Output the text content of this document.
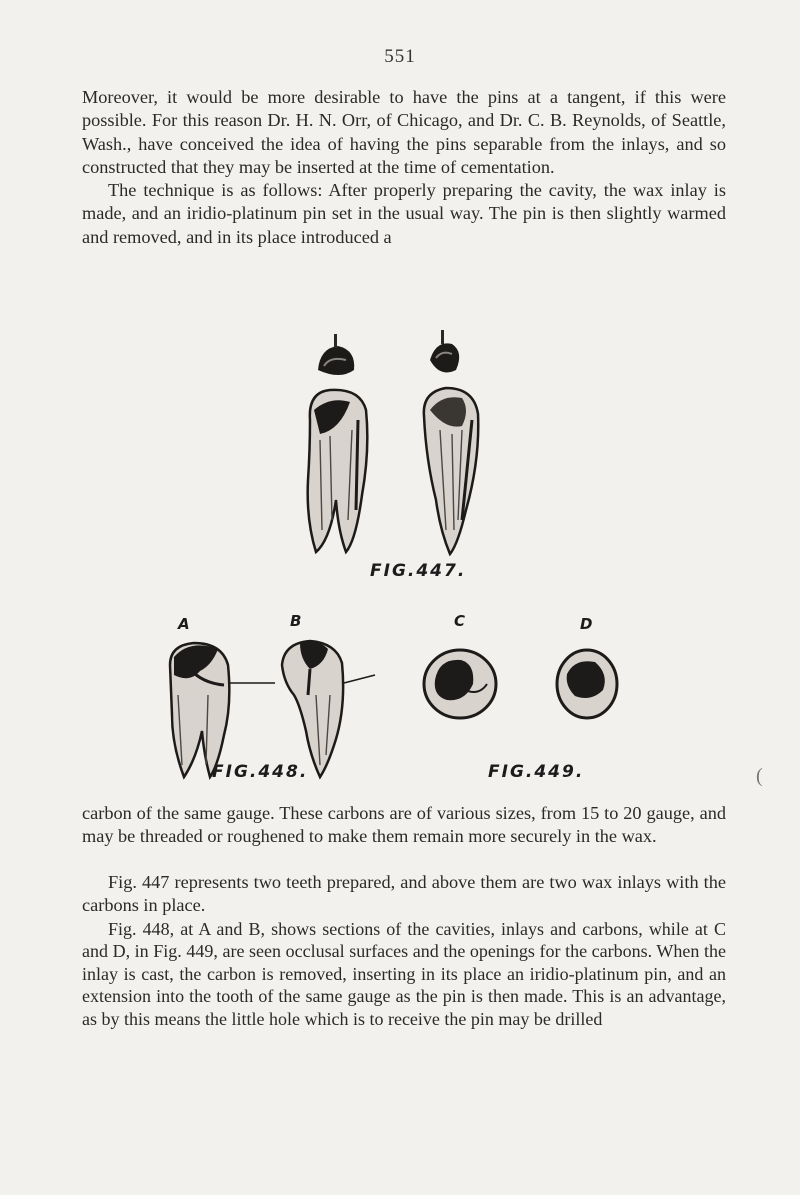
551

Moreover, it would be more desirable to have the pins at a tangent, if this were possible. For this reason Dr. H. N. Orr, of Chicago, and Dr. C. B. Reynolds, of Seattle, Wash., have conceived the idea of having the pins separable from the inlays, and so constructed that they may be inserted at the time of cementation.

The technique is as follows: After properly preparing the cavity, the wax inlay is made, and an iridio-platinum pin set in the usual way. The pin is then slightly warmed and removed, and in its place introduced a

FIG.447.
A	B	C	D
FIG.448.	FIG.449.

carbon of the same gauge. These carbons are of various sizes, from 15 to 20 gauge, and may be threaded or roughened to make them remain more securely in the wax.

Fig. 447 represents two teeth prepared, and above them are two wax inlays with the carbons in place.

Fig. 448, at A and B, shows sections of the cavities, inlays and carbons, while at C and D, in Fig. 449, are seen occlusal surfaces and the openings for the carbons. When the inlay is cast, the carbon is removed, inserting in its place an iridio-platinum pin, and an extension into the tooth of the same gauge as the pin is then made. This is an advantage, as by this means the little hole which is to receive the pin may be drilled

(
